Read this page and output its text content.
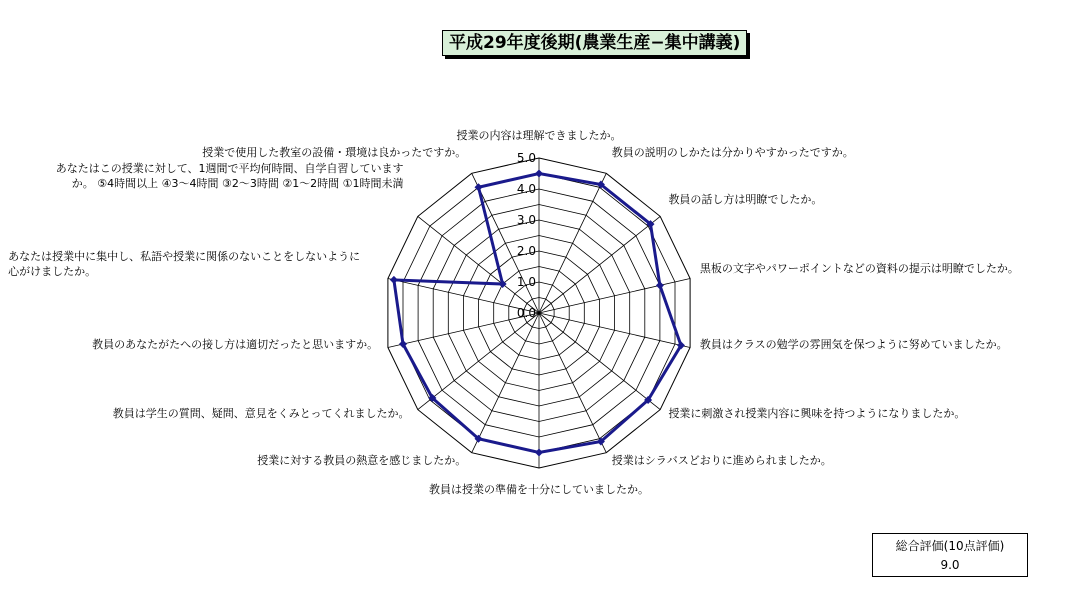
平成29年度後期(農業生産−集中講義)
0.0
1.0
2.0
3.0
4.0
5.0
授業の内容は理解できましたか。
教員の説明のしかたは分かりやすかったですか。
教員の話し方は明瞭でしたか。
黒板の文字やパワーポイントなどの資料の提示は明瞭でしたか。
教員はクラスの勉学の雰囲気を保つように努めていましたか。
授業に刺激され授業内容に興味を持つようになりましたか。
授業はシラバスどおりに進められましたか。
教員は授業の準備を十分にしていましたか。
授業に対する教員の熱意を感じましたか。
教員は学生の質問、疑問、意見をくみとってくれましたか。
教員のあなたがたへの接し方は適切だったと思いますか。
あなたは授業中に集中し、私語や授業に関係のないことをしないように心がけましたか。
あなたはこの授業に対して、1週間で平均何時間、自学自習していますか。 ⑤4時間以上 ④3〜4時間 ③2〜3時間 ②1〜2時間 ①1時間未満
授業で使用した教室の設備・環境は良かったですか。
総合評価(10点評価)
9.0
